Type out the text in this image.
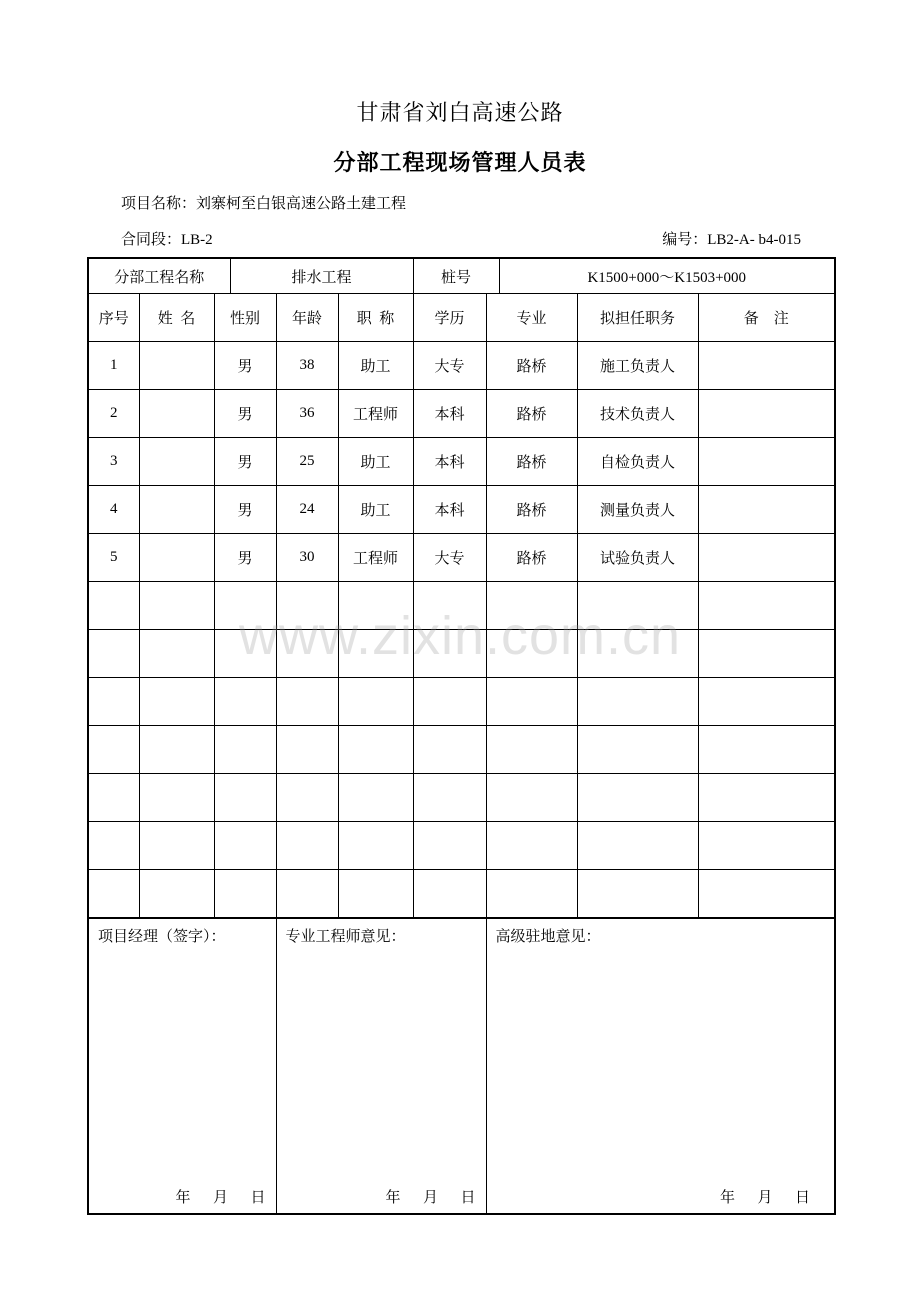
甘肃省刘白高速公路
分部工程现场管理人员表
项目名称：刘寨柯至白银高速公路土建工程
合同段：LB-2	编号：LB2-A- b4-015
分部工程名称	排水工程	桩号	K1500+000～K1503+000
序号	姓  名	性别	年龄	职  称	学历	专业	拟担任职务	备    注
1		男	38	助工	大专	路桥	施工负责人	
2		男	36	工程师	本科	路桥	技术负责人	
3		男	25	助工	本科	路桥	自检负责人	
4		男	24	助工	本科	路桥	测量负责人	
5		男	30	工程师	大专	路桥	试验负责人	

项目经理（签字）：
年      月      日

专业工程师意见：
年      月      日

高级驻地意见：
年      月      日
www.zixin.com.cn
